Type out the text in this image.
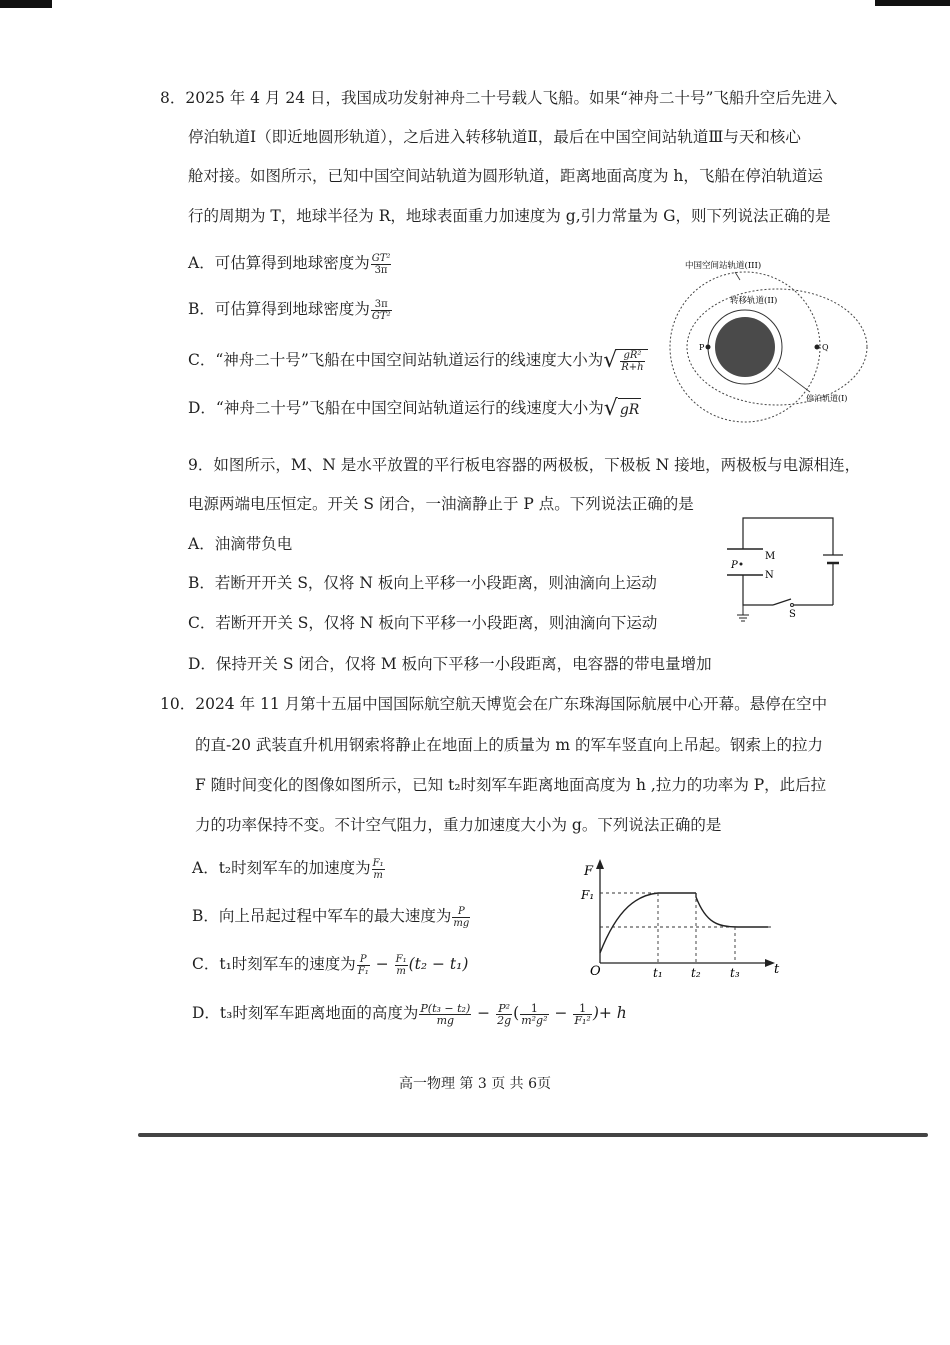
8．2025 年 4 月 24 日，我国成功发射神舟二十号载人飞船。如果“神舟二十号”飞船升空后先进入
停泊轨道Ⅰ（即近地圆形轨道），之后进入转移轨道Ⅱ，最后在中国空间站轨道Ⅲ与天和核心
舱对接。如图所示，已知中国空间站轨道为圆形轨道，距离地面高度为 h，飞船在停泊轨道运
行的周期为 T，地球半径为 R，地球表面重力加速度为 g,引力常量为 G，则下列说法正确的是
A．可估算得到地球密度为 $\frac{\text{GT²}}{3\pi}$
B．可估算得到地球密度为 $\frac{3\pi}{\text{GT²}}$
C．“神舟二十号”飞船在中国空间站轨道运行的线速度大小为√ $\frac{\text{gR²}}{R+h}$
D．“神舟二十号”飞船在中国空间站轨道运行的线速度大小为√ gR
中国空间站轨道(III)
转移轨道(II)
P	Q
停泊轨道(I)
9．如图所示，M、N 是水平放置的平行板电容器的两极板，下极板 N 接地，两极板与电源相连，
电源两端电压恒定。开关 S 闭合，一油滴静止于 P 点。下列说法正确的是
A．油滴带负电
B．若断开开关 S，仅将 N 板向上平移一小段距离，则油滴向上运动
C．若断开开关 S，仅将 N 板向下平移一小段距离，则油滴向下运动
D．保持开关 S 闭合，仅将 M 板向下平移一小段距离，电容器的带电量增加
M
N
P
S
10．2024 年 11 月第十五届中国国际航空航天博览会在广东珠海国际航展中心开幕。悬停在空中
的直-20 武装直升机用钢索将静止在地面上的质量为 m 的军车竖直向上吊起。钢索上的拉力
F 随时间变化的图像如图所示，已知 t₂时刻军车距离地面高度为 h ,拉力的功率为 P，此后拉
力的功率保持不变。不计空气阻力，重力加速度大小为 g。下列说法正确的是
A．t₂时刻军车的加速度为 $\frac{\text{F₁}}{m}$
B．向上吊起过程中军车的最大速度为 $\frac{P}{mg}$
C．t₁时刻军车的速度为 $\frac{P}{\text{F₁}} - \frac{\text{F₁}}{m} (t_2 - t_1)$
D．t₃时刻军车距离地面的高度为 $\frac{\text{P(t₃ − t₂)}}{mg} - \frac{\text{P²}}{2g}$ ( $\frac{1}{\text{m²g²}} - \frac{1}{\text{F₁²}}$ )+ h
F
t
O
F₁
t₁ t₂ t₃
高一物理 第 3 页 共 6页
